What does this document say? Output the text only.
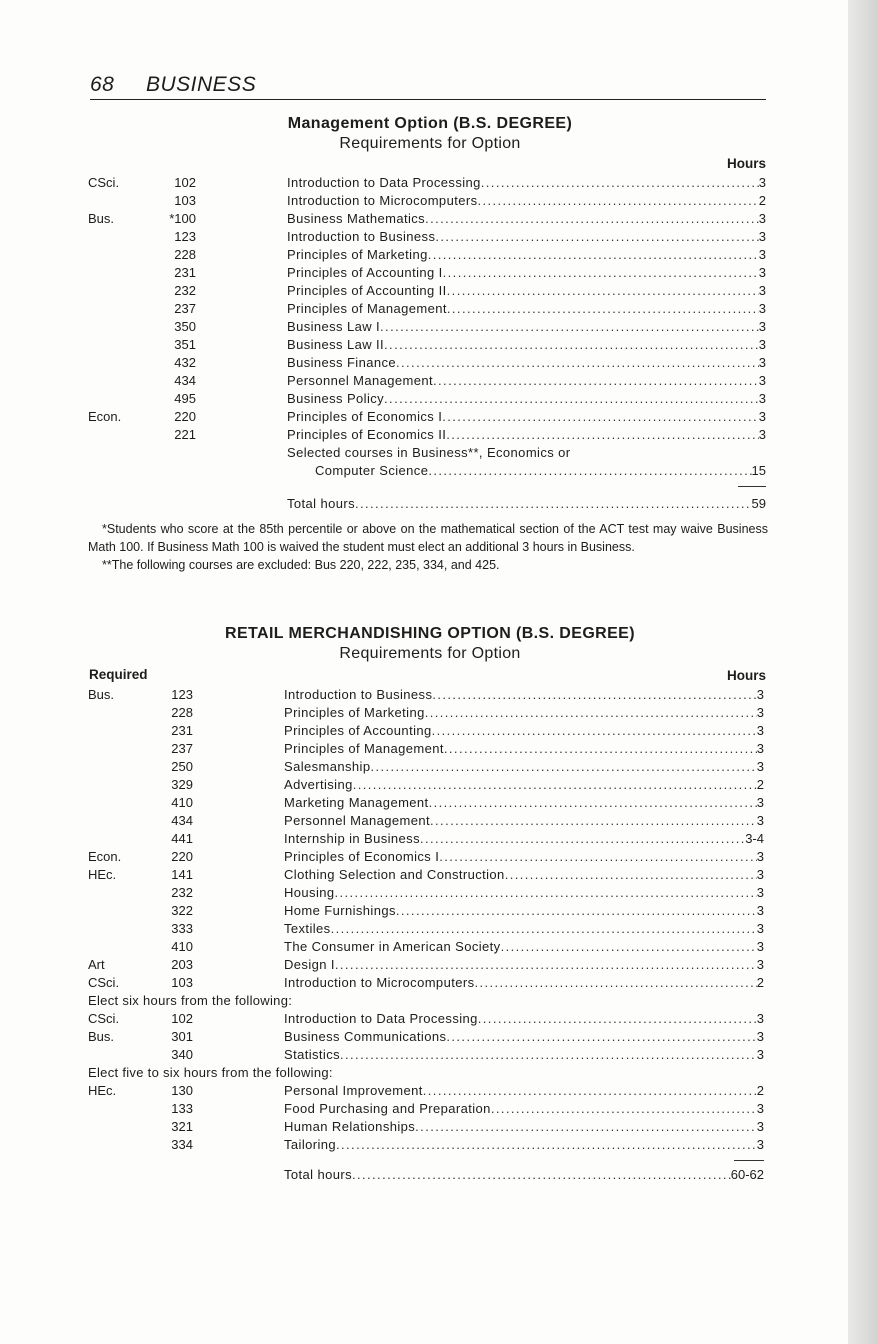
68 BUSINESS
Management Option (B.S. DEGREE)
Requirements for Option
Hours
CSci.	102	Introduction to Data Processing .....	3
103	Introduction to Microcomputers .....	2
Bus.	*100	Business Mathematics .....	3
123	Introduction to Business .....	3
228	Principles of Marketing .....	3
231	Principles of Accounting I .....	3
232	Principles of Accounting II .....	3
237	Principles of Management .....	3
350	Business Law I .....	3
351	Business Law II .....	3
432	Business Finance .....	3
434	Personnel Management .....	3
495	Business Policy .....	3
Econ.	220	Principles of Economics I .....	3
221	Principles of Economics II .....	3
Selected courses in Business**, Economics or
Computer Science .....	15
Total hours .....	59

*Students who score at the 85th percentile or above on the mathematical section of the ACT test may waive Business Math 100. If Business Math 100 is waived the student must elect an additional 3 hours in Business.

**The following courses are excluded: Bus 220, 222, 235, 334, and 425.

RETAIL MERCHANDISHING OPTION (B.S. DEGREE)
Requirements for Option
Required	Hours
Bus.	123	Introduction to Business .....	3
228	Principles of Marketing .....	3
231	Principles of Accounting .....	3
237	Principles of Management .....	3
250	Salesmanship .....	3
329	Advertising .....	2
410	Marketing Management .....	3
434	Personnel Management .....	3
441	Internship in Business .....	3-4
Econ.	220	Principles of Economics I .....	3
HEc.	141	Clothing Selection and Construction .....	3
232	Housing .....	3
322	Home Furnishings .....	3
333	Textiles .....	3
410	The Consumer in American Society .....	3
Art	203	Design I .....	3
CSci.	103	Introduction to Microcomputers .....	2
Elect six hours from the following:
CSci.	102	Introduction to Data Processing .....	3
Bus.	301	Business Communications .....	3
340	Statistics .....	3
Elect five to six hours from the following:
HEc.	130	Personal Improvement .....	2
133	Food Purchasing and Preparation .....	3
321	Human Relationships .....	3
334	Tailoring .....	3
Total hours .....	60-62
